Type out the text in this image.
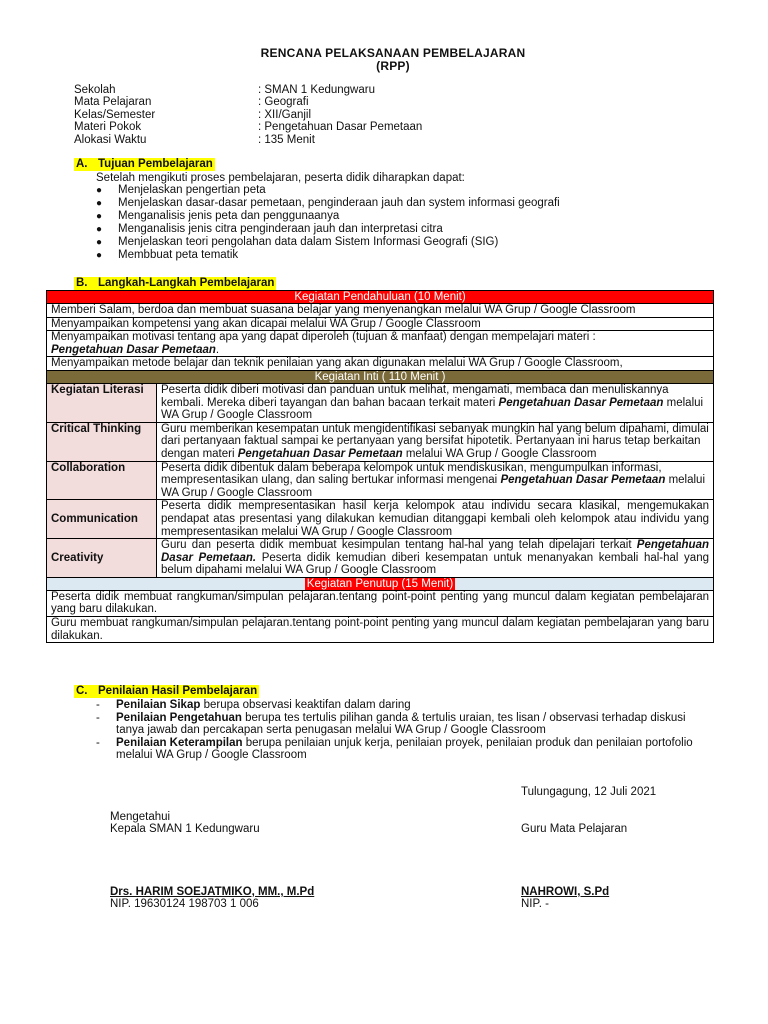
RENCANA PELAKSANAAN PEMBELAJARAN
(RPP)
Sekolah	: SMAN 1 Kedungwaru
Mata Pelajaran	: Geografi
Kelas/Semester	: XII/Ganjil
Materi Pokok	: Pengetahuan Dasar Pemetaan
Alokasi Waktu	: 135 Menit
A. Tujuan Pembelajaran
Setelah mengikuti proses pembelajaran, peserta didik diharapkan dapat:
● Menjelaskan pengertian peta
● Menjelaskan dasar-dasar pemetaan, penginderaan jauh dan system informasi geografi
● Menganalisis jenis peta dan penggunaanya
● Menganalisis jenis citra penginderaan jauh dan interpretasi citra
● Menjelaskan teori pengolahan data dalam Sistem Informasi Geografi (SIG)
● Membbuat peta tematik
B. Langkah-Langkah Pembelajaran
Kegiatan Pendahuluan (10 Menit)	
Memberi Salam, berdoa dan membuat suasana belajar yang menyenangkan melalui WA Grup / Google Classroom	
Menyampaikan kompetensi yang akan dicapai melalui WA Grup / Google Classroom	
Menyampaikan motivasi tentang apa yang dapat diperoleh (tujuan & manfaat) dengan mempelajari materi :
Pengetahuan Dasar Pemetaan.	
Menyampaikan metode belajar dan teknik penilaian yang akan digunakan melalui WA Grup / Google Classroom,	
Kegiatan Inti ( 110 Menit )	
Kegiatan Literasi	Peserta didik diberi motivasi dan panduan untuk melihat, mengamati, membaca dan menuliskannya kembali. Mereka diberi tayangan dan bahan bacaan terkait materi Pengetahuan Dasar Pemetaan melalui WA Grup / Google Classroom
Critical Thinking	Guru memberikan kesempatan untuk mengidentifikasi sebanyak mungkin hal yang belum dipahami, dimulai dari pertanyaan faktual sampai ke pertanyaan yang bersifat hipotetik. Pertanyaan ini harus tetap berkaitan dengan materi Pengetahuan Dasar Pemetaan melalui WA Grup / Google Classroom
Collaboration	Peserta didik dibentuk dalam beberapa kelompok untuk mendiskusikan, mengumpulkan informasi, mempresentasikan ulang, dan saling bertukar informasi mengenai Pengetahuan Dasar Pemetaan melalui WA Grup / Google Classroom
Communication	Peserta didik mempresentasikan hasil kerja kelompok atau individu secara klasikal, mengemukakan pendapat atas presentasi yang dilakukan kemudian ditanggapi kembali oleh kelompok atau individu yang mempresentasikan melalui WA Grup / Google Classroom
Creativity	Guru dan peserta didik membuat kesimpulan tentang hal-hal yang telah dipelajari terkait Pengetahuan Dasar Pemetaan. Peserta didik kemudian diberi kesempatan untuk menanyakan kembali hal-hal yang belum dipahami melalui WA Grup / Google Classroom
Kegiatan Penutup (15 Menit)	
Peserta didik membuat rangkuman/simpulan pelajaran.tentang point-point penting yang muncul dalam kegiatan pembelajaran yang baru dilakukan.	
Guru membuat rangkuman/simpulan pelajaran.tentang point-point penting yang muncul dalam kegiatan pembelajaran yang baru dilakukan.	
C. Penilaian Hasil Pembelajaran
- Penilaian Sikap berupa observasi keaktifan dalam daring
- Penilaian Pengetahuan berupa tes tertulis pilihan ganda & tertulis uraian, tes lisan / observasi terhadap diskusi tanya jawab dan percakapan serta penugasan melalui WA Grup / Google Classroom
- Penilaian Keterampilan berupa penilaian unjuk kerja, penilaian proyek, penilaian produk dan penilaian portofolio melalui WA Grup / Google Classroom
Tulungagung, 12 Juli 2021
Mengetahui
Kepala SMAN 1 Kedungwaru	Guru Mata Pelajaran
Drs. HARIM SOEJATMIKO, MM., M.Pd
NIP. 19630124 198703 1 006
NAHROWI, S.Pd
NIP. -
